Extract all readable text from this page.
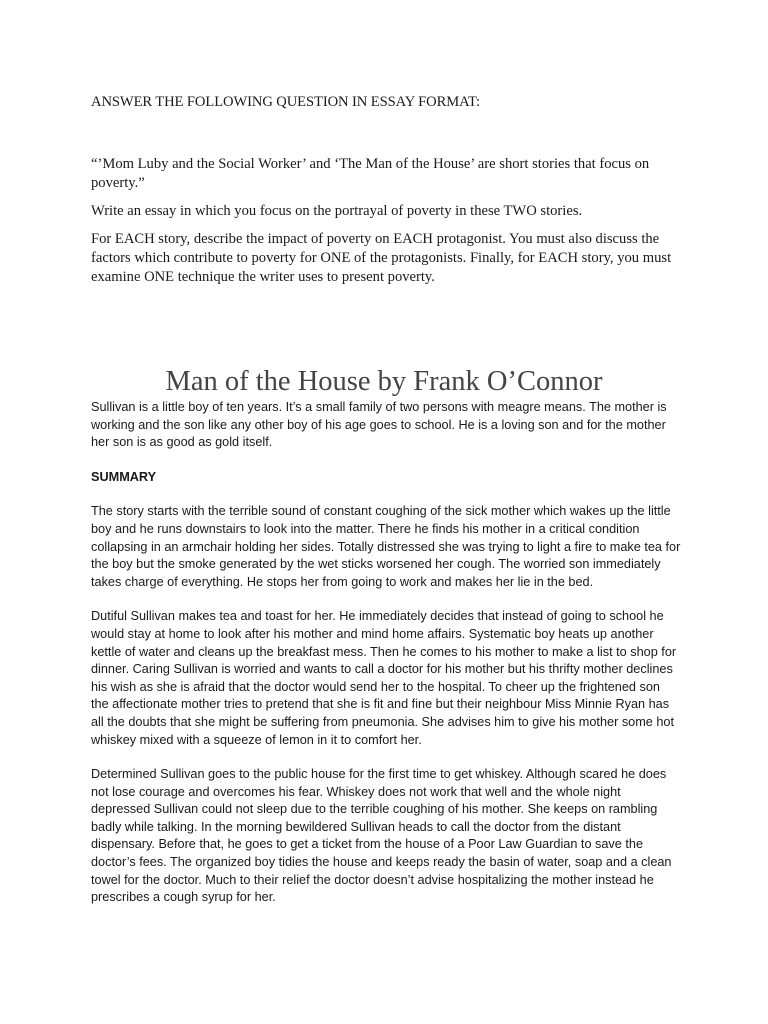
ANSWER THE FOLLOWING QUESTION IN ESSAY FORMAT:

“’Mom Luby and the Social Worker’ and ‘The Man of the House’ are short stories that focus on poverty.”

Write an essay in which you focus on the portrayal of poverty in these TWO stories.

For EACH story, describe the impact of poverty on EACH protagonist. You must also discuss the factors which contribute to poverty for ONE of the protagonists. Finally, for EACH story, you must examine ONE technique the writer uses to present poverty.

Man of the House by Frank O’Connor

Sullivan is a little boy of ten years. It’s a small family of two persons with meagre means. The mother is working and the son like any other boy of his age goes to school. He is a loving son and for the mother her son is as good as gold itself.

SUMMARY

The story starts with the terrible sound of constant coughing of the sick mother which wakes up the little boy and he runs downstairs to look into the matter. There he finds his mother in a critical condition collapsing in an armchair holding her sides. Totally distressed she was trying to light a fire to make tea for the boy but the smoke generated by the wet sticks worsened her cough. The worried son immediately takes charge of everything. He stops her from going to work and makes her lie in the bed.

Dutiful Sullivan makes tea and toast for her. He immediately decides that instead of going to school he would stay at home to look after his mother and mind home affairs. Systematic boy heats up another kettle of water and cleans up the breakfast mess. Then he comes to his mother to make a list to shop for dinner. Caring Sullivan is worried and wants to call a doctor for his mother but his thrifty mother declines his wish as she is afraid that the doctor would send her to the hospital. To cheer up the frightened son the affectionate mother tries to pretend that she is fit and fine but their neighbour Miss Minnie Ryan has all the doubts that she might be suffering from pneumonia. She advises him to give his mother some hot whiskey mixed with a squeeze of lemon in it to comfort her.

Determined Sullivan goes to the public house for the first time to get whiskey. Although scared he does not lose courage and overcomes his fear. Whiskey does not work that well and the whole night depressed Sullivan could not sleep due to the terrible coughing of his mother. She keeps on rambling badly while talking. In the morning bewildered Sullivan heads to call the doctor from the distant dispensary. Before that, he goes to get a ticket from the house of a Poor Law Guardian to save the doctor’s fees. The organized boy tidies the house and keeps ready the basin of water, soap and a clean towel for the doctor. Much to their relief the doctor doesn’t advise hospitalizing the mother instead he prescribes a cough syrup for her.
